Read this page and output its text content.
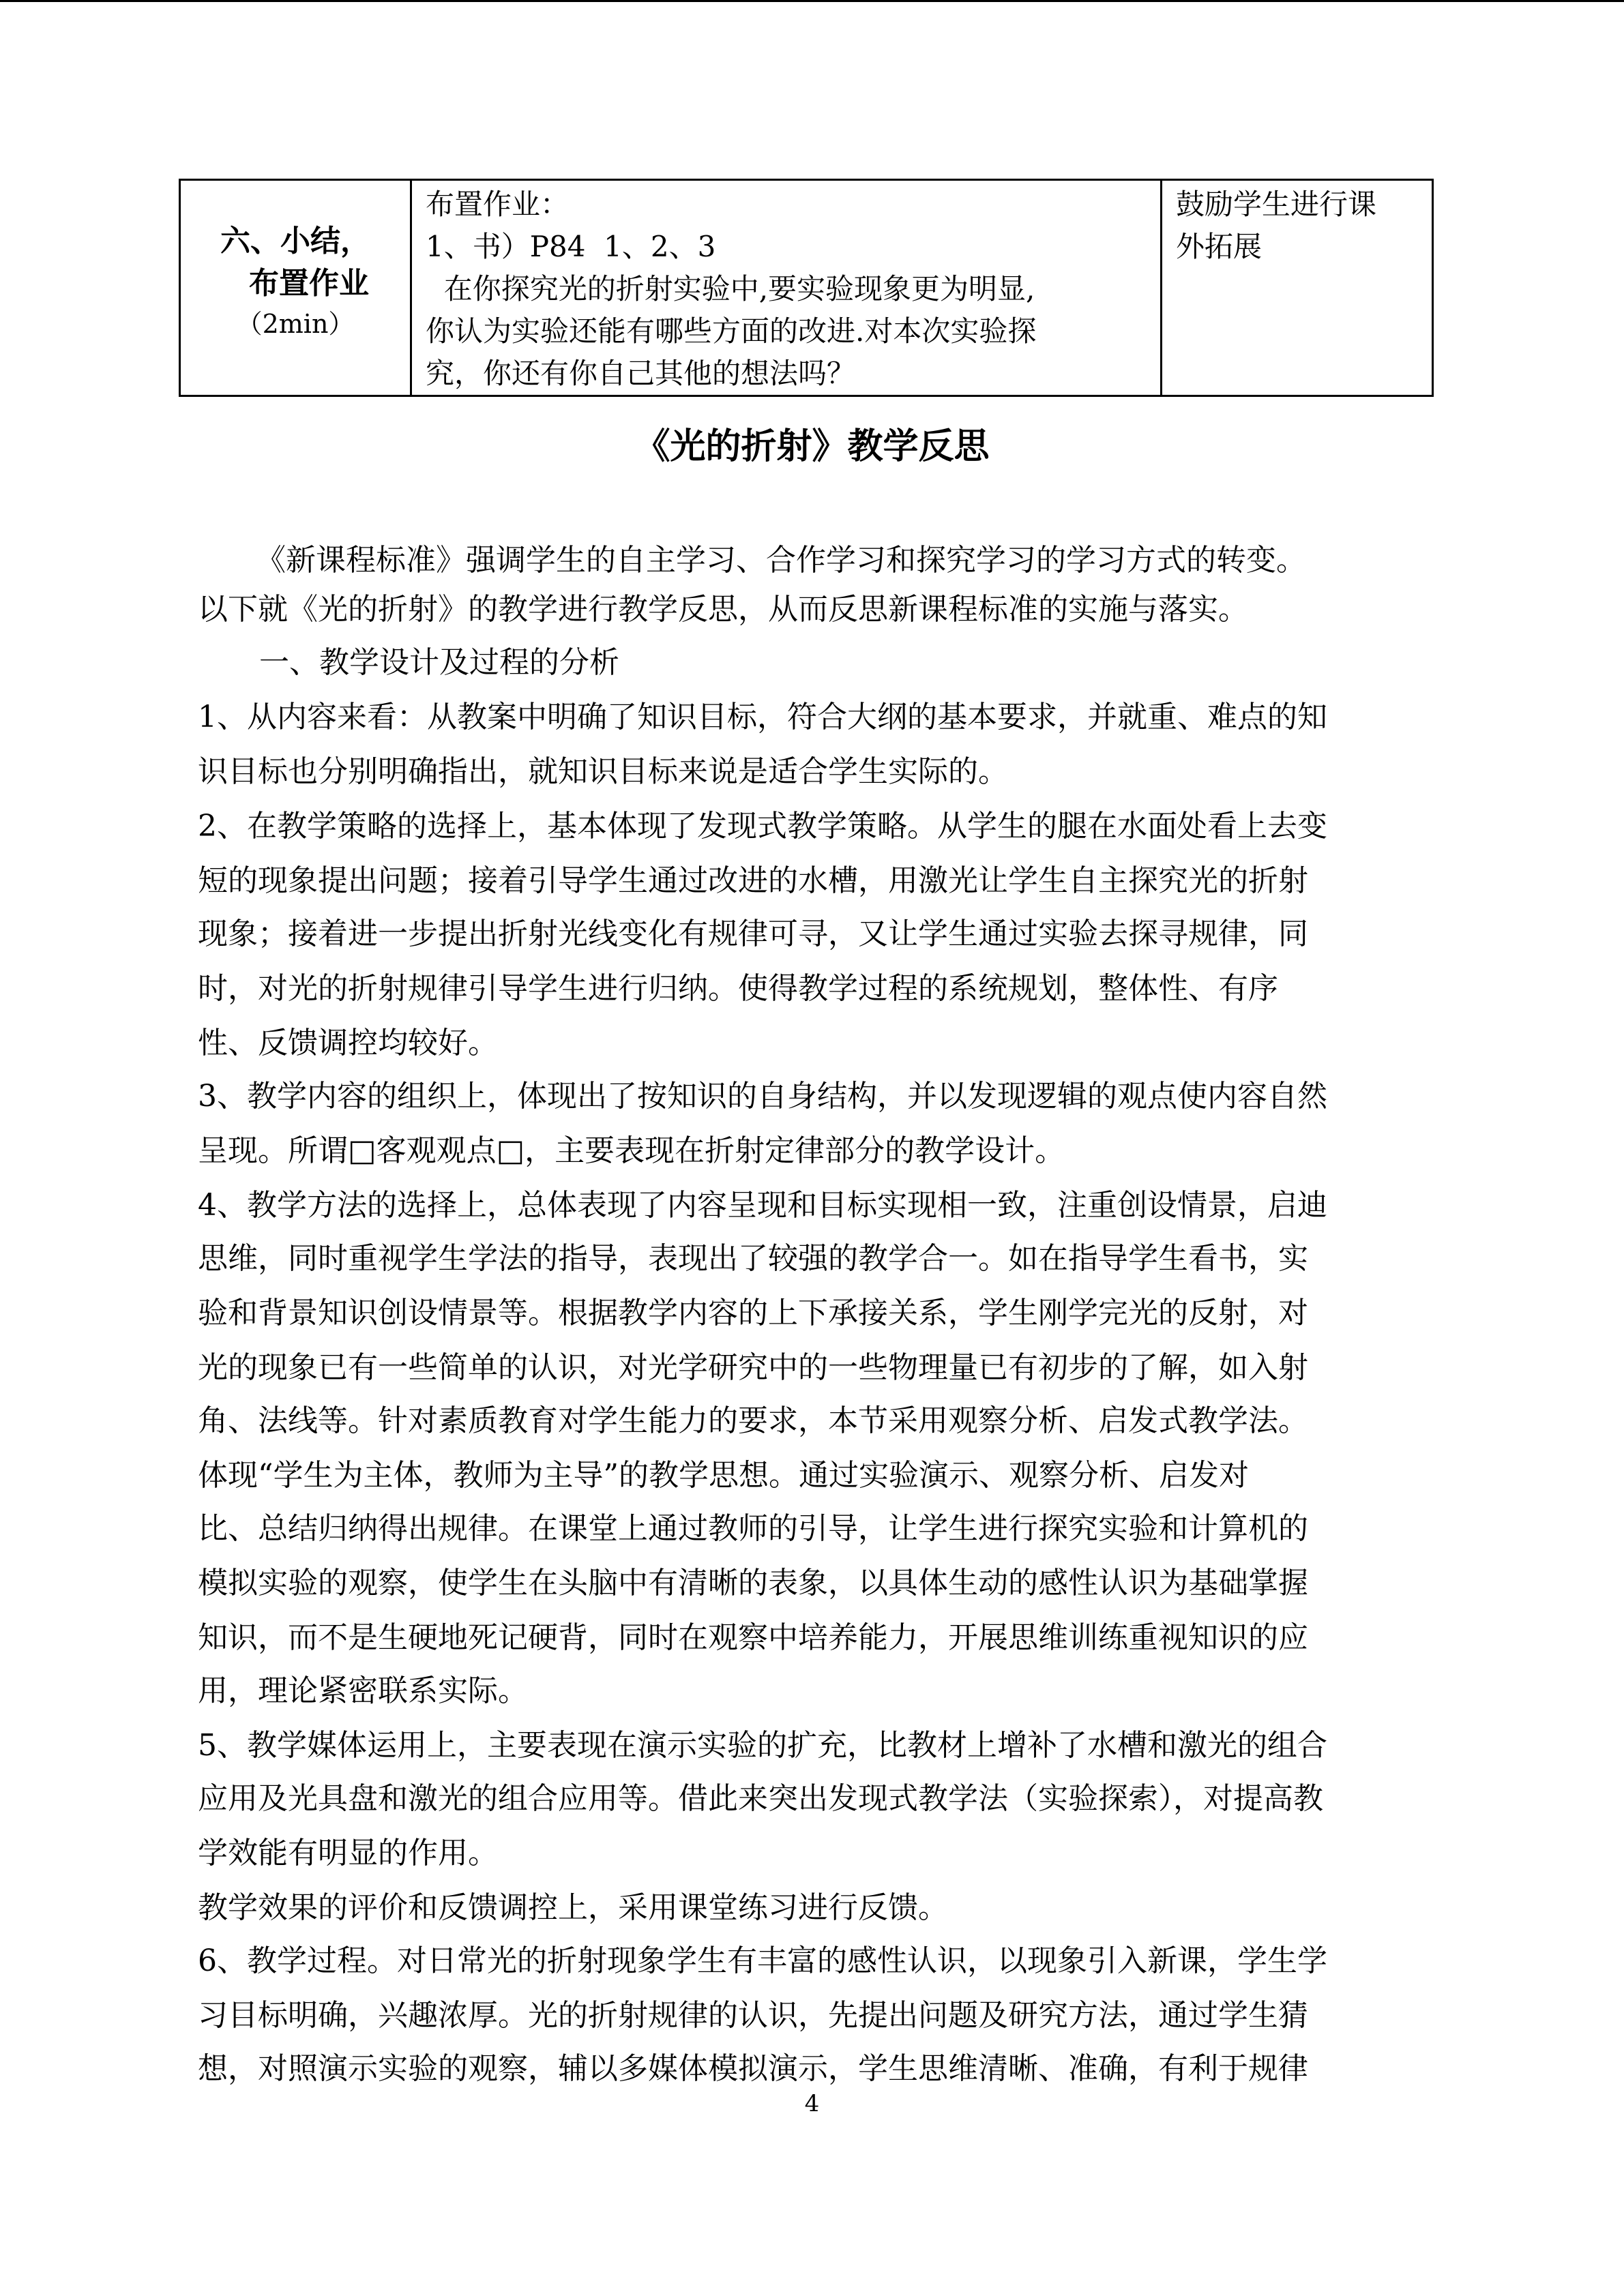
六、小结，
布置作业
（2min）

布置作业：
1、书）P84  1、2、3
在你探究光的折射实验中,要实验现象更为明显,
你认为实验还能有哪些方面的改进.对本次实验探
究，你还有你自己其他的想法吗？

鼓励学生进行课
外拓展
《光的折射》教学反思
《新课程标准》强调学生的自主学习、合作学习和探究学习的学习方式的转变。
以下就《光的折射》的教学进行教学反思，从而反思新课程标准的实施与落实。
一、教学设计及过程的分析
1、从内容来看：从教案中明确了知识目标，符合大纲的基本要求，并就重、难点的知
识目标也分别明确指出，就知识目标来说是适合学生实际的。
2、在教学策略的选择上，基本体现了发现式教学策略。从学生的腿在水面处看上去变
短的现象提出问题；接着引导学生通过改进的水槽，用激光让学生自主探究光的折射
现象；接着进一步提出折射光线变化有规律可寻，又让学生通过实验去探寻规律，同
时，对光的折射规律引导学生进行归纳。使得教学过程的系统规划，整体性、有序
性、反馈调控均较好。
3、教学内容的组织上，体现出了按知识的自身结构，并以发现逻辑的观点使内容自然
呈现。所谓□客观观点□，主要表现在折射定律部分的教学设计。
4、教学方法的选择上，总体表现了内容呈现和目标实现相一致，注重创设情景，启迪
思维，同时重视学生学法的指导，表现出了较强的教学合一。如在指导学生看书，实
验和背景知识创设情景等。根据教学内容的上下承接关系，学生刚学完光的反射，对
光的现象已有一些简单的认识，对光学研究中的一些物理量已有初步的了解，如入射
角、法线等。针对素质教育对学生能力的要求，本节采用观察分析、启发式教学法。
体现“学生为主体，教师为主导”的教学思想。通过实验演示、观察分析、启发对
比、总结归纳得出规律。在课堂上通过教师的引导，让学生进行探究实验和计算机的
模拟实验的观察，使学生在头脑中有清晰的表象，以具体生动的感性认识为基础掌握
知识，而不是生硬地死记硬背，同时在观察中培养能力，开展思维训练重视知识的应
用，理论紧密联系实际。
5、教学媒体运用上，主要表现在演示实验的扩充，比教材上增补了水槽和激光的组合
应用及光具盘和激光的组合应用等。借此来突出发现式教学法（实验探索），对提高教
学效能有明显的作用。
教学效果的评价和反馈调控上，采用课堂练习进行反馈。
6、教学过程。对日常光的折射现象学生有丰富的感性认识，以现象引入新课，学生学
习目标明确，兴趣浓厚。光的折射规律的认识，先提出问题及研究方法，通过学生猜
想，对照演示实验的观察，辅以多媒体模拟演示，学生思维清晰、准确，有利于规律
4
